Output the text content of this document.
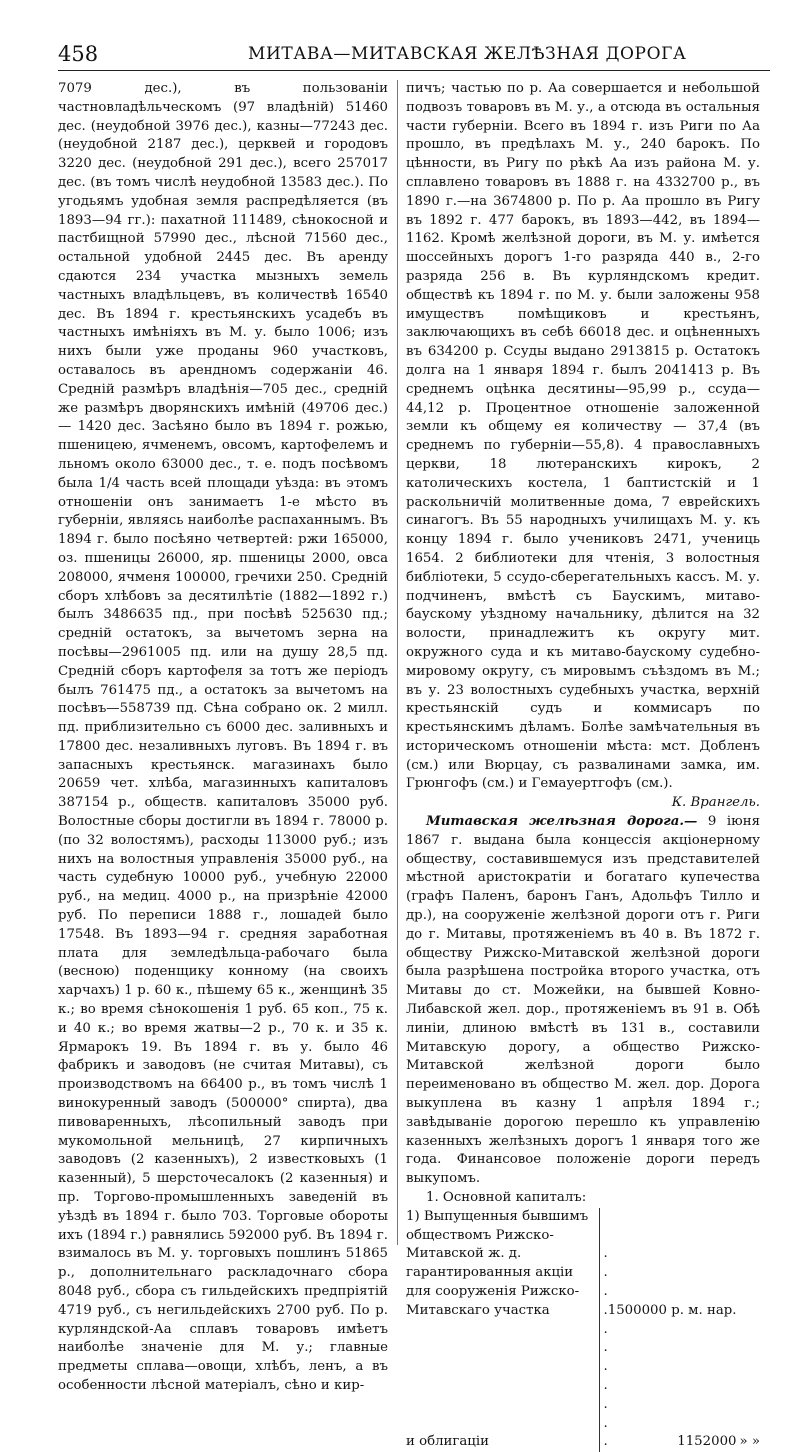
458	МИТАВА—МИТАВСКАЯ ЖЕЛѢЗНАЯ ДОРОГА

7079 дес.), въ пользованіи частновладѣльческомъ (97 владѣній) 51460 дес. (неудобной 3976 дес.), казны—77243 дес. (неудобной 2187 дес.), церквей и городовъ 3220 дес. (неудобной 291 дес.), всего 257017 дес. (въ томъ числѣ неудобной 13583 дес.). По угодьямъ удобная земля распредѣляется (въ 1893—94 гг.): пахатной 111489, сѣнокосной и пастбищной 57990 дес., лѣсной 71560 дес., остальной удобной 2445 дес. Въ аренду сдаются 234 участка мызныхъ земель частныхъ владѣльцевъ, въ количествѣ 16540 дес. Въ 1894 г. крестьянскихъ усадебъ въ частныхъ имѣніяхъ въ М. у. было 1006; изъ нихъ были уже проданы 960 участковъ, оставалось въ арендномъ содержаніи 46. Средній размѣръ владѣнія—705 дес., средній же размѣръ дворянскихъ имѣній (49706 дес.) — 1420 дес. Засѣяно было въ 1894 г. рожью, пшеницею, ячменемъ, овсомъ, картофелемъ и льномъ около 63000 дес., т. е. подъ посѣвомъ была 1/4 часть всей площади уѣзда: въ этомъ отношеніи онъ занимаетъ 1-е мѣсто въ губерніи, являясь наиболѣе распаханнымъ. Въ 1894 г. было посѣяно четвертей: ржи 165000, оз. пшеницы 26000, яр. пшеницы 2000, овса 208000, ячменя 100000, гречихи 250. Средній сборъ хлѣбовъ за десятилѣтіе (1882—1892 г.) былъ 3486635 пд., при посѣвѣ 525630 пд.; средній остатокъ, за вычетомъ зерна на посѣвы—2961005 пд. или на душу 28,5 пд. Средній сборъ картофеля за тотъ же періодъ былъ 761475 пд., а остатокъ за вычетомъ на посѣвъ—558739 пд. Сѣна собрано ок. 2 милл. пд. приблизительно съ 6000 дес. заливныхъ и 17800 дес. незаливныхъ луговъ. Въ 1894 г. въ запасныхъ крестьянск. магазинахъ было 20659 чет. хлѣба, магазинныхъ капиталовъ 387154 р., обществ. капиталовъ 35000 руб. Волостные сборы достигли въ 1894 г. 78000 р. (по 32 волостямъ), расходы 113000 руб.; изъ нихъ на волостныя управленія 35000 руб., на часть судебную 10000 руб., учебную 22000 руб., на медиц. 4000 р., на призрѣніе 42000 руб. По переписи 1888 г., лошадей было 17548. Въ 1893—94 г. средняя заработная плата для земледѣльца-рабочаго была (весною) поденщику конному (на своихъ харчахъ) 1 р. 60 к., пѣшему 65 к., женщинѣ 35 к.; во время сѣнокошенія 1 руб. 65 коп., 75 к. и 40 к.; во время жатвы—2 р., 70 к. и 35 к. Ярмарокъ 19. Въ 1894 г. въ у. было 46 фабрикъ и заводовъ (не считая Митавы), съ производствомъ на 66400 р., въ томъ числѣ 1 винокуренный заводъ (500000° спирта), два пивоваренныхъ, лѣсопильный заводъ при мукомольной мельницѣ, 27 кирпичныхъ заводовъ (2 казенныхъ), 2 известковыхъ (1 казенный), 5 шерсточесалокъ (2 казенныя) и пр. Торгово-промышленныхъ заведеній въ уѣздѣ въ 1894 г. было 703. Торговые обороты ихъ (1894 г.) равнялись 592000 руб. Въ 1894 г. взималось въ М. у. торговыхъ пошлинъ 51865 р., дополнительнаго раскладочнаго сбора 8048 руб., сбора съ гильдейскихъ предпріятій 4719 руб., съ негильдейскихъ 2700 руб. По р. курляндской-Аа сплавъ товаровъ имѣетъ наиболѣе значеніе для М. у.; главные предметы сплава—овощи, хлѣбъ, ленъ, а въ особенности лѣсной матеріалъ, сѣно и кир-

пичъ; частью по р. Аа совершается и небольшой подвозъ товаровъ въ М. у., а отсюда въ остальныя части губерніи. Всего въ 1894 г. изъ Риги по Аа прошло, въ предѣлахъ М. у., 240 барокъ. По цѣнности, въ Ригу по рѣкѣ Аа изъ района М. у. сплавлено товаровъ въ 1888 г. на 4332700 р., въ 1890 г.—на 3674800 р. По р. Аа прошло въ Ригу въ 1892 г. 477 барокъ, въ 1893—442, въ 1894—1162. Кромѣ желѣзной дороги, въ М. у. имѣется шоссейныхъ дорогъ 1-го разряда 440 в., 2-го разряда 256 в. Въ курляндскомъ кредит. обществѣ къ 1894 г. по М. у. были заложены 958 имуществъ помѣщиковъ и крестьянъ, заключающихъ въ себѣ 66018 дес. и оцѣненныхъ въ 634200 р. Ссуды выдано 2913815 р. Остатокъ долга на 1 января 1894 г. былъ 2041413 р. Въ среднемъ оцѣнка десятины—95,99 р., ссуда—44,12 р. Процентное отношеніе заложенной земли къ общему ея количеству — 37,4 (въ среднемъ по губерніи—55,8). 4 православныхъ церкви, 18 лютеранскихъ кирокъ, 2 католическихъ костела, 1 баптистскій и 1 раскольничій молитвенные дома, 7 еврейскихъ синагогъ. Въ 55 народныхъ училищахъ М. у. къ концу 1894 г. было учениковъ 2471, учениць 1654. 2 библиотеки для чтенія, 3 волостныя библіотеки, 5 ссудо-сберегательныхъ кассъ. М. у. подчиненъ, вмѣстѣ съ Бауcкимъ, митаво-бауcкому уѣздному начальнику, дѣлится на 32 волости, принадлежитъ къ округу мит. окружного суда и къ митаво-баускому судебно-мировому округу, съ мировымъ съѣздомъ въ М.; въ у. 23 волостныхъ судебныхъ участка, верхній крестьянскій судъ и коммисаръ по крестьянскимъ дѣламъ. Болѣе замѣчательныя въ историческомъ отношеніи мѣста: мст. Добленъ (см.) или Вюрцау, съ развалинами замка, им. Грюнгофъ (см.) и Гемауертгофъ (см.).

К. Врангель.

Митавская желѣзная дорога.— 9 іюня 1867 г. выдана была концессія акціонерному обществу, составившемуся изъ представителей мѣстной аристократіи и богатаго купечества (графъ Паленъ, баронъ Ганъ, Адольфъ Тилло и др.), на сооруженіе желѣзной дороги отъ г. Риги до г. Митавы, протяженіемъ въ 40 в. Въ 1872 г. обществу Рижско-Митавской желѣзной дороги была разрѣшена постройка второго участка, отъ Митавы до ст. Можейки, на бывшей Ковно-Либавской жел. дор., протяженіемъ въ 91 в. Обѣ линіи, длиною вмѣстѣ въ 131 в., составили Митавскую дорогу, а общество Рижско-Митавской желѣзной дороги было переименовано въ общество М. жел. дор. Дорога выкуплена въ казну 1 апрѣля 1894 г.; завѣдываніе дорогою перешло къ управленію казенныхъ желѣзныхъ дорогъ 1 января того же года. Финансовое положеніе дороги передъ выкупомъ.

1. Основной капиталъ:

1) Выпущенныя бывшимъ обществомъ Рижско-Митавской ж. д. гарантированныя акціи для сооруженія Рижско-Митавскаго участка	. . . .	1500000 р. м. нар.	
и облигаціи	. . . . . . .	1152000	» »
